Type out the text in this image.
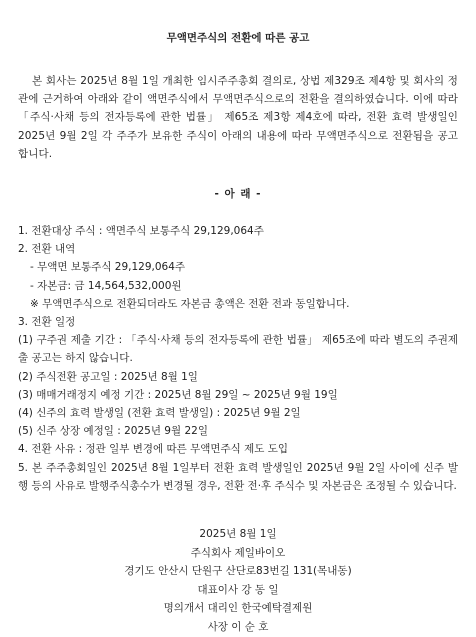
무액면주식의 전환에 따른 공고

본 회사는 2025년 8월 1일 개최한 임시주주총회 결의로, 상법 제329조 제4항 및 회사의 정관에 근거하여 아래와 같이 액면주식에서 무액면주식으로의 전환을 결의하였습니다. 이에 따라 「주식·사채 등의 전자등록에 관한 법률」 제65조 제3항 제4호에 따라, 전환 효력 발생일인 2025년 9월 2일 각 주주가 보유한 주식이 아래의 내용에 따라 무액면주식으로 전환됨을 공고합니다.

- 아 래 -
1. 전환대상 주식 : 액면주식 보통주식 29,129,064주
2. 전환 내역
- 무액면 보통주식 29,129,064주
- 자본금: 금 14,564,532,000원
※ 무액면주식으로 전환되더라도 자본금 총액은 전환 전과 동일합니다.
3. 전환 일정
(1) 구주권 제출 기간 : 「주식·사채 등의 전자등록에 관한 법률」 제65조에 따라 별도의 주권제출 공고는 하지 않습니다.
(2) 주식전환 공고일 : 2025년 8월 1일
(3) 매매거래정지 예정 기간 : 2025년 8월 29일 ~ 2025년 9월 19일
(4) 신주의 효력 발생일 (전환 효력 발생일) : 2025년 9월 2일
(5) 신주 상장 예정일 : 2025년 9월 22일
4. 전환 사유 : 정관 일부 변경에 따른 무액면주식 제도 도입
5. 본 주주총회일인 2025년 8월 1일부터 전환 효력 발생일인 2025년 9월 2일 사이에 신주 발행 등의 사유로 발행주식총수가 변경될 경우, 전환 전·후 주식수 및 자본금은 조정될 수 있습니다.
2025년 8월 1일
주식회사 제일바이오
경기도 안산시 단원구 산단로83번길 131(목내동)
대표이사 강 동 일
명의개서 대리인 한국예탁결제원
사장 이 순 호
